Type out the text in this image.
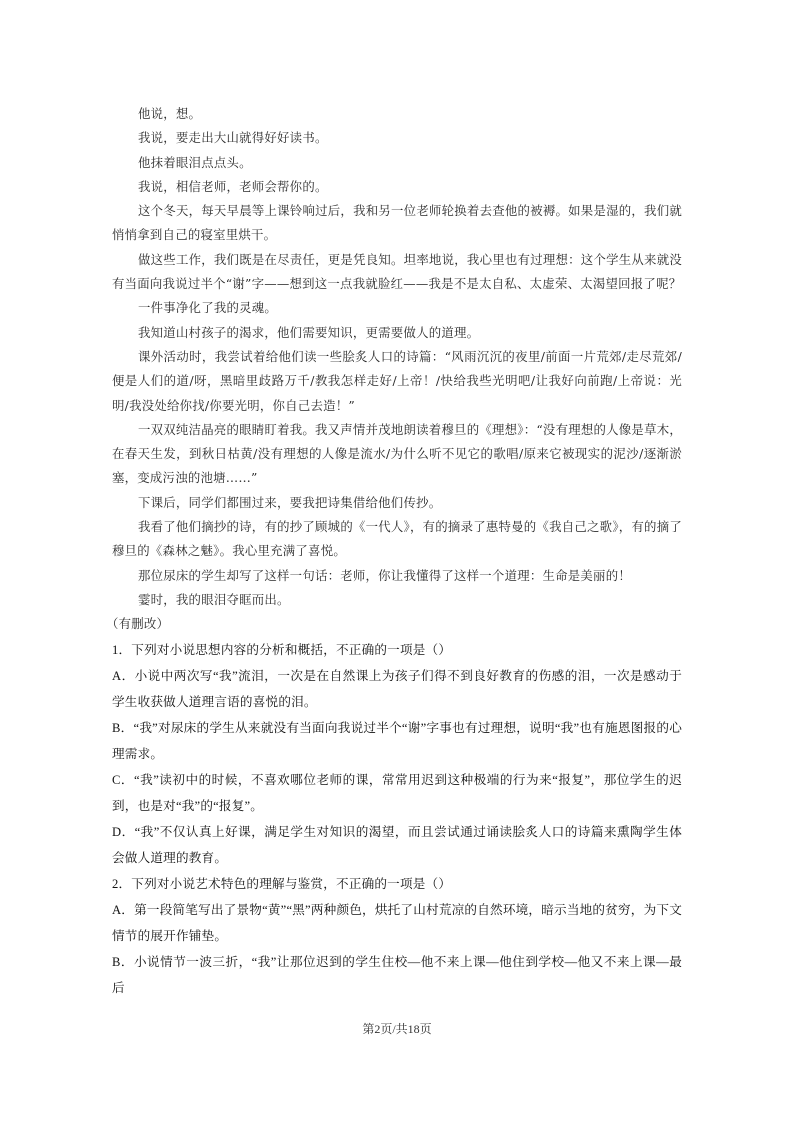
他说，想。

我说，要走出大山就得好好读书。

他抹着眼泪点点头。

我说，相信老师，老师会帮你的。

这个冬天，每天早晨等上课铃响过后，我和另一位老师轮换着去查他的被褥。如果是湿的，我们就悄悄拿到自己的寝室里烘干。

做这些工作，我们既是在尽责任，更是凭良知。坦率地说，我心里也有过理想：这个学生从来就没有当面向我说过半个“谢”字——想到这一点我就脸红——我是不是太自私、太虚荣、太渴望回报了呢？

一件事净化了我的灵魂。

我知道山村孩子的渴求，他们需要知识，更需要做人的道理。

课外活动时，我尝试着给他们读一些脍炙人口的诗篇：“风雨沉沉的夜里/前面一片荒郊/走尽荒郊/便是人们的道/呀，黑暗里歧路万千/教我怎样走好/上帝！/快给我些光明吧/让我好向前跑/上帝说：光明/我没处给你找/你要光明，你自己去造！”

一双双纯洁晶亮的眼睛盯着我。我又声情并茂地朗读着穆旦的《理想》：“没有理想的人像是草木，在春天生发，到秋日枯黄/没有理想的人像是流水/为什么听不见它的歌唱/原来它被现实的泥沙/逐渐淤塞，变成污浊的池塘……”

下课后，同学们都围过来，要我把诗集借给他们传抄。

我看了他们摘抄的诗，有的抄了顾城的《一代人》，有的摘录了惠特曼的《我自己之歌》，有的摘了穆旦的《森林之魅》。我心里充满了喜悦。

那位尿床的学生却写了这样一句话：老师，你让我懂得了这样一个道理：生命是美丽的！

霎时，我的眼泪夺眶而出。

（有删改）

1．下列对小说思想内容的分析和概括，不正确的一项是（）

A．小说中两次写“我”流泪，一次是在自然课上为孩子们得不到良好教育的伤感的泪，一次是感动于学生收获做人道理言语的喜悦的泪。

B．“我”对尿床的学生从来就没有当面向我说过半个“谢”字事也有过理想，说明“我”也有施恩图报的心理需求。

C．“我”读初中的时候，不喜欢哪位老师的课，常常用迟到这种极端的行为来“报复”，那位学生的迟到，也是对“我”的“报复”。

D．“我”不仅认真上好课，满足学生对知识的渴望，而且尝试通过诵读脍炙人口的诗篇来熏陶学生体会做人道理的教育。

2．下列对小说艺术特色的理解与鉴赏，不正确的一项是（）

A．第一段简笔写出了景物“黄”“黑”两种颜色，烘托了山村荒凉的自然环境，暗示当地的贫穷，为下文情节的展开作铺垫。

B．小说情节一波三折，“我”让那位迟到的学生住校—他不来上课—他住到学校—他又不来上课—最后

第2页/共18页
